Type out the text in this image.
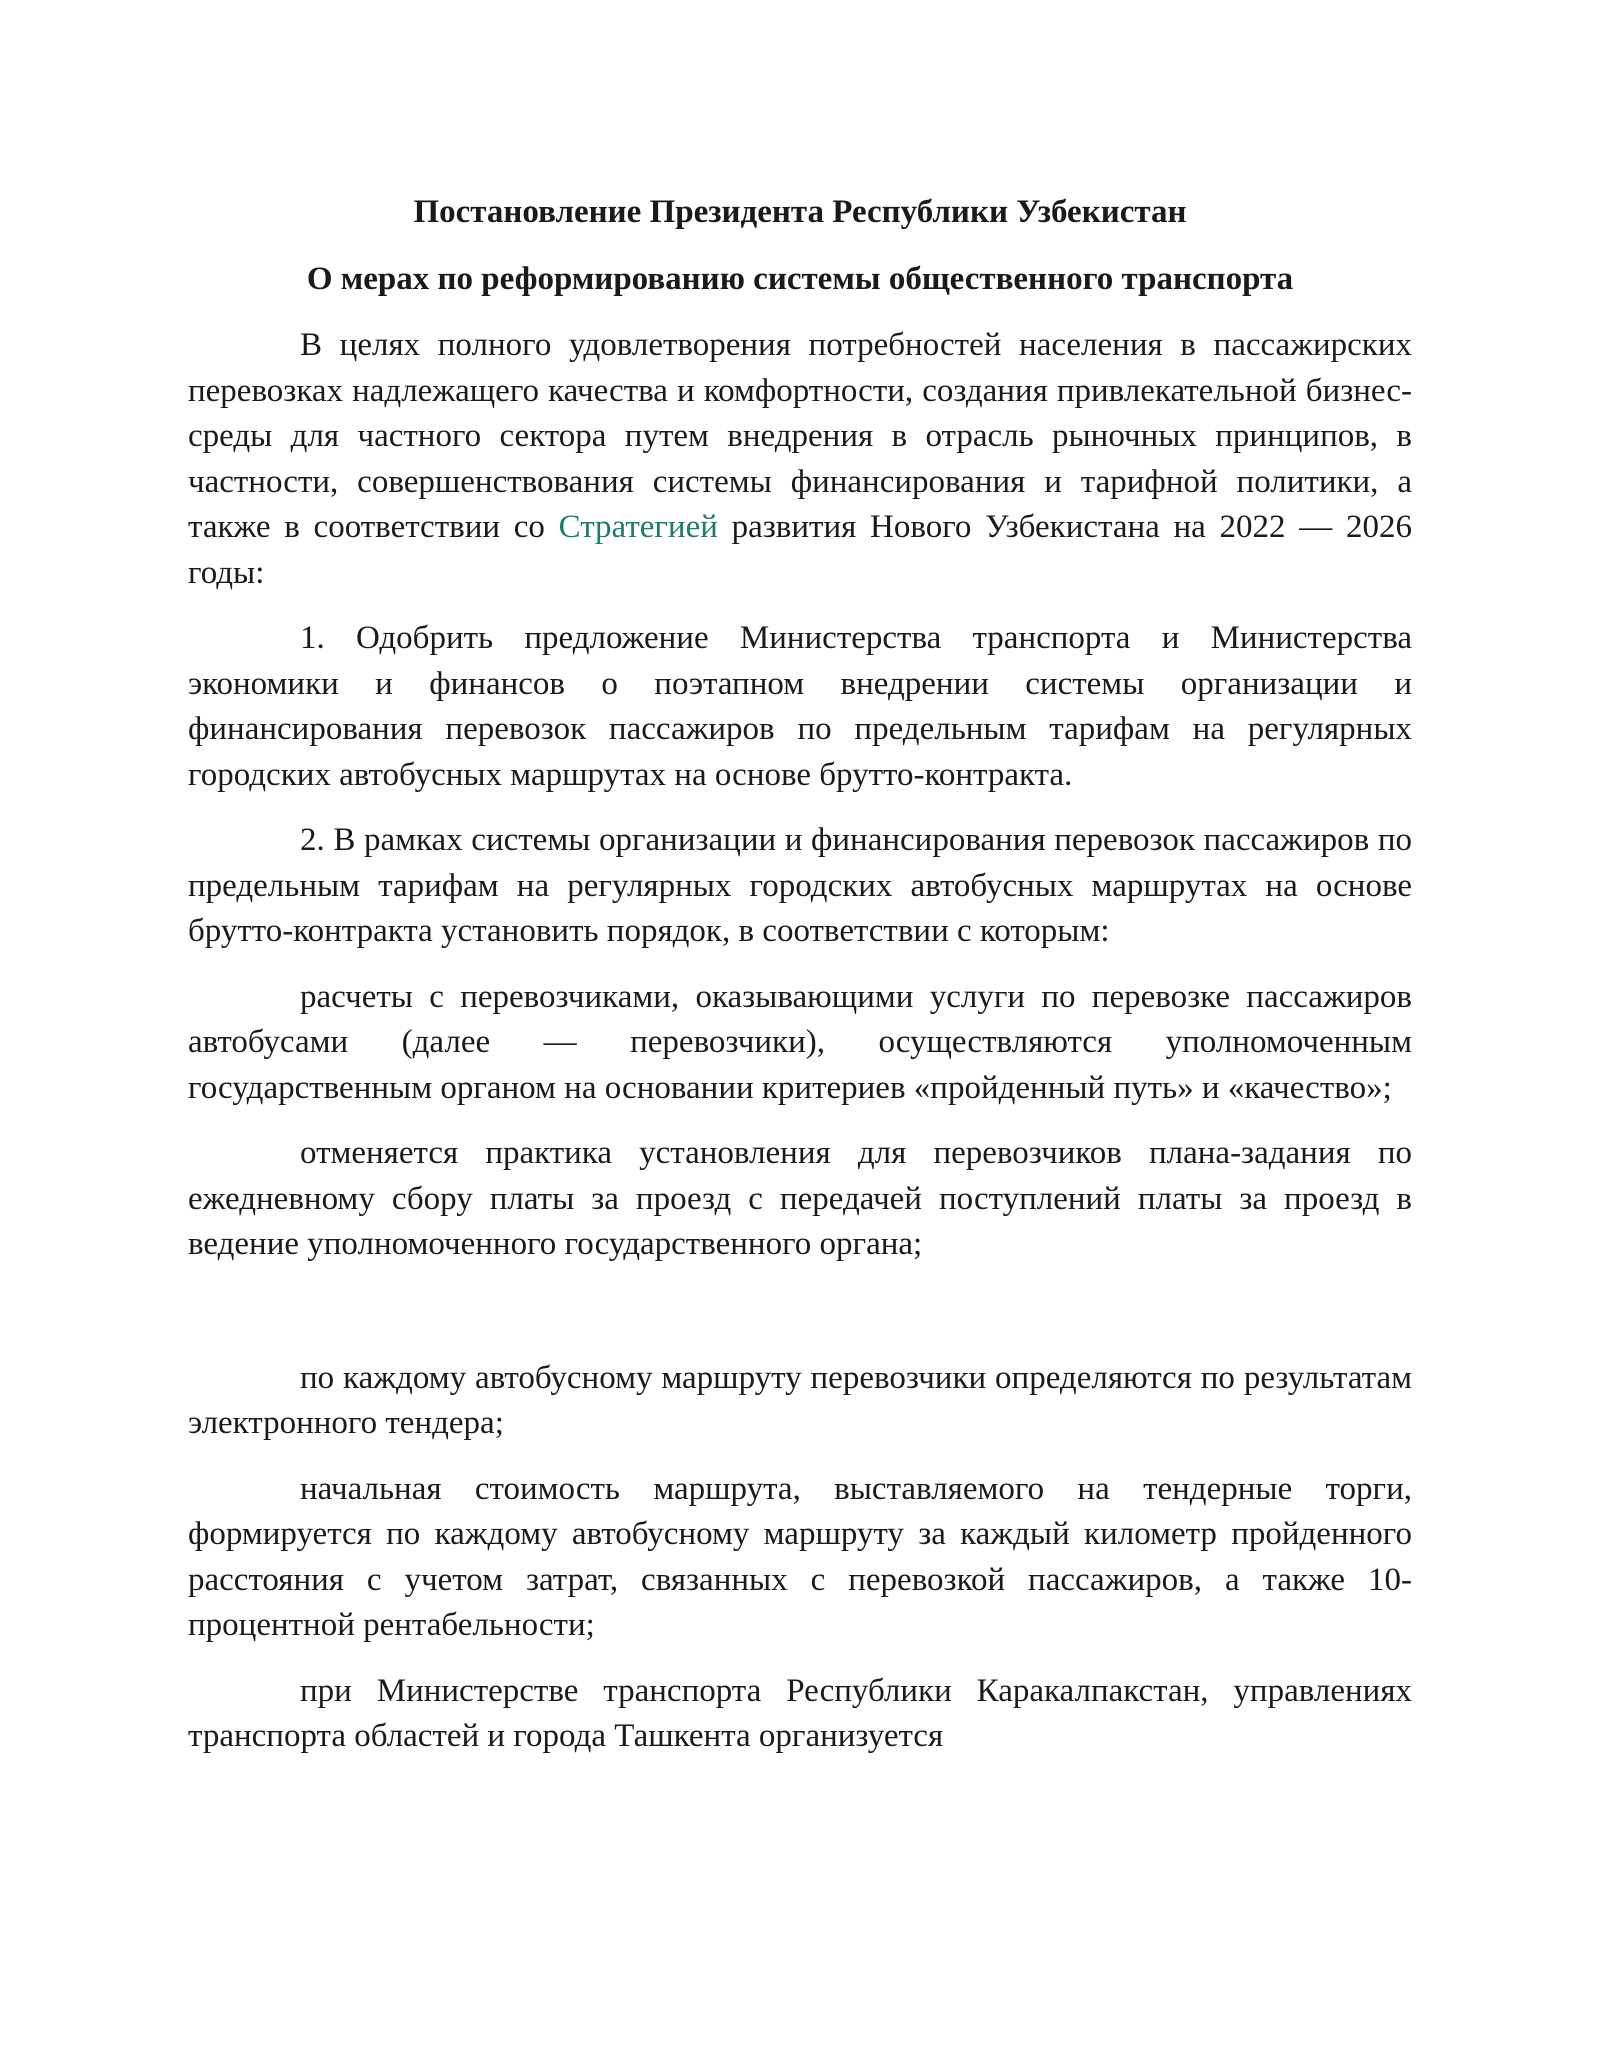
Постановление Президента Республики Узбекистан
О мерах по реформированию системы общественного транспорта

В целях полного удовлетворения потребностей населения в пассажирских перевозках надлежащего качества и комфортности, создания привлекательной бизнес-среды для частного сектора путем внедрения в отрасль рыночных принципов, в частности, совершенствования системы финансирования и тарифной политики, а также в соответствии со Стратегией развития Нового Узбекистана на 2022 — 2026 годы:

1. Одобрить предложение Министерства транспорта и Министерства экономики и финансов о поэтапном внедрении системы организации и финансирования перевозок пассажиров по предельным тарифам на регулярных городских автобусных маршрутах на основе брутто-контракта.

2. В рамках системы организации и финансирования перевозок пассажиров по предельным тарифам на регулярных городских автобусных маршрутах на основе брутто-контракта установить порядок, в соответствии с которым:

расчеты с перевозчиками, оказывающими услуги по перевозке пассажиров автобусами (далее — перевозчики), осуществляются уполномоченным государственным органом на основании критериев «пройденный путь» и «качество»;

отменяется практика установления для перевозчиков плана-задания по ежедневному сбору платы за проезд с передачей поступлений платы за проезд в ведение уполномоченного государственного органа;

по каждому автобусному маршруту перевозчики определяются по результатам электронного тендера;

начальная стоимость маршрута, выставляемого на тендерные торги, формируется по каждому автобусному маршруту за каждый километр пройденного расстояния с учетом затрат, связанных с перевозкой пассажиров, а также 10-процентной рентабельности;

при Министерстве транспорта Республики Каракалпакстан, управлениях транспорта областей и города Ташкента организуется
